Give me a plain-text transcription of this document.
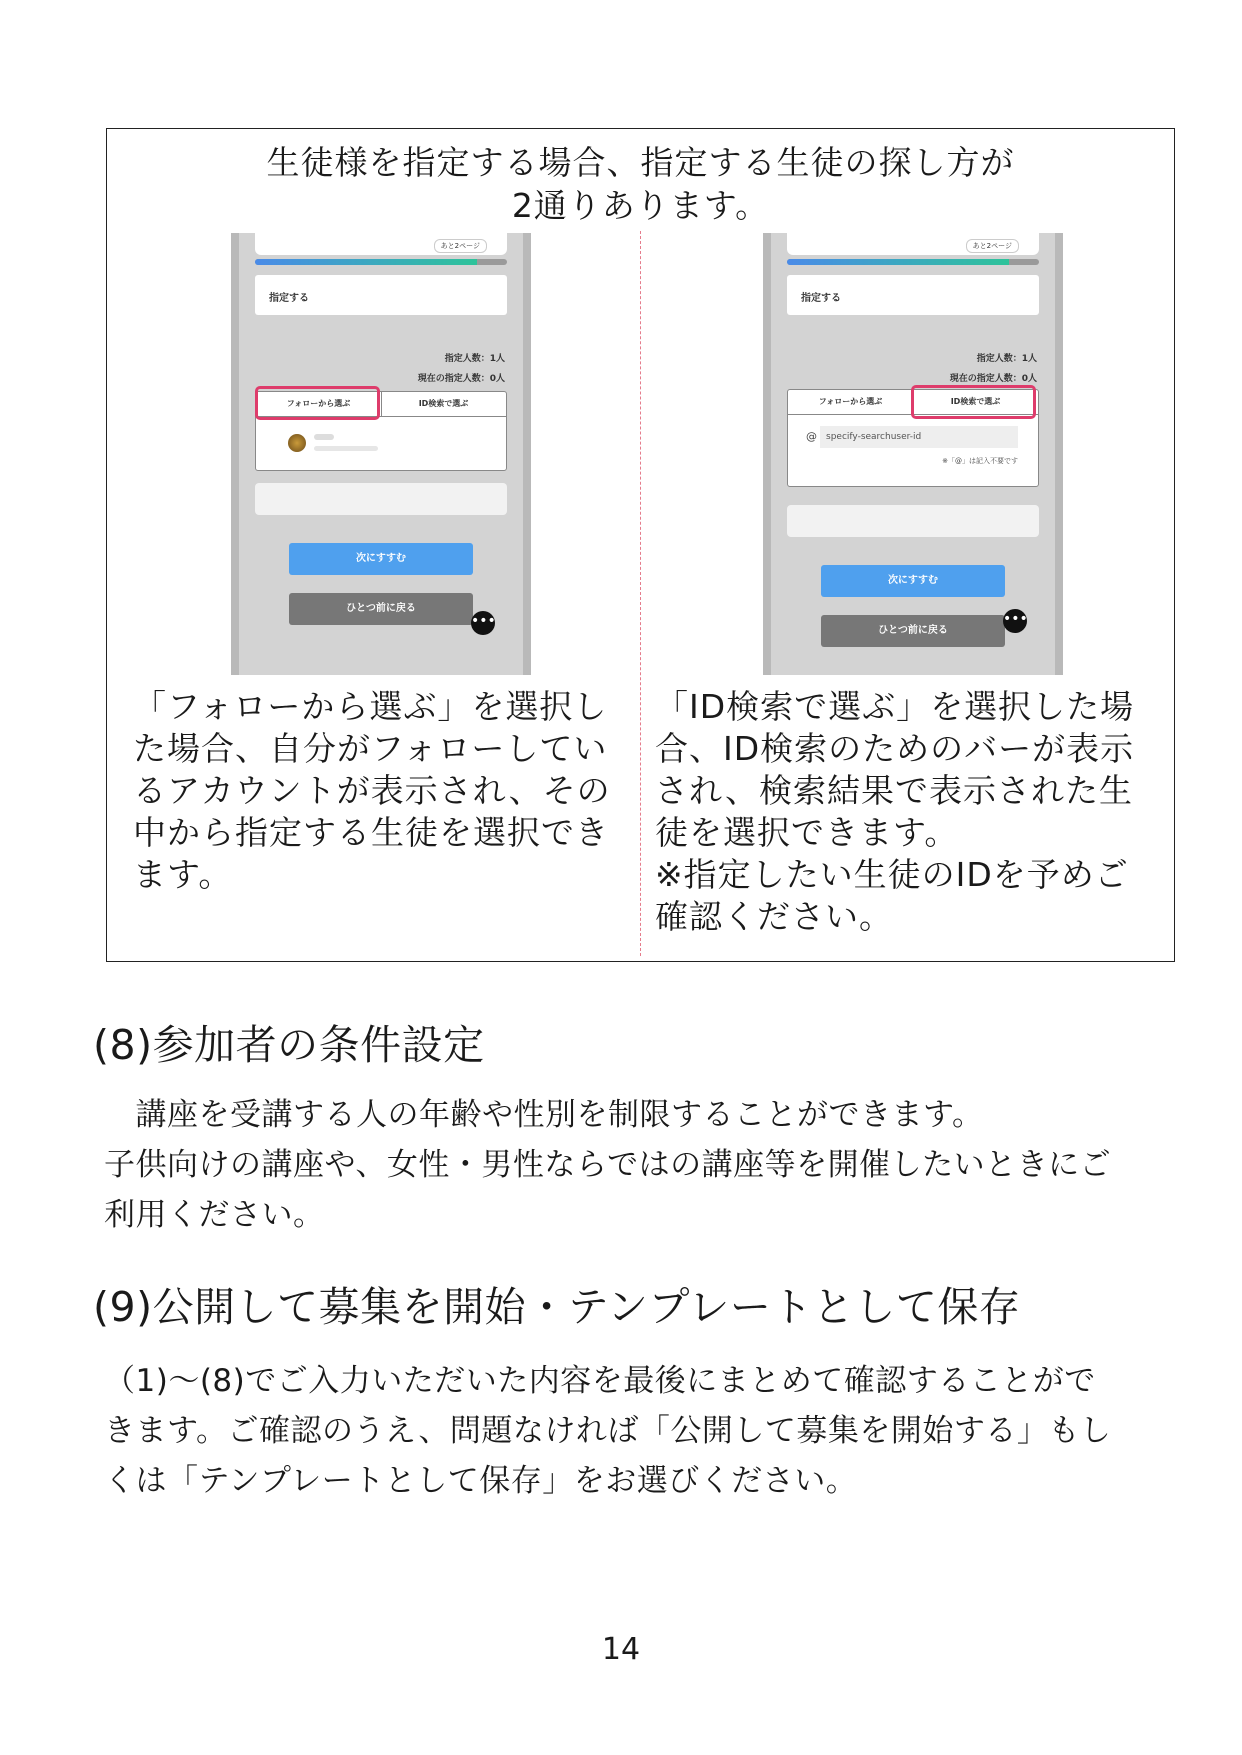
生徒様を指定する場合、指定する生徒の探し方が
2通りあります。
あと2ページ
指定する
指定人数：1人
現在の指定人数：0人
フォローから選ぶ	ID検索で選ぶ
次にすすむ
ひとつ前に戻る
•••
あと2ページ
指定する
指定人数：1人
現在の指定人数：0人
フォローから選ぶ	ID検索で選ぶ
@	specify-searchuser-id
※「@」は記入不要です
次にすすむ
ひとつ前に戻る
•••
「フォローから選ぶ」を選択し
た場合、自分がフォローしてい
るアカウントが表示され、その
中から指定する生徒を選択でき
ます。
「ID検索で選ぶ」を選択した場
合、ID検索のためのバーが表示
され、検索結果で表示された生
徒を選択できます。
※指定したい生徒のIDを予めご
確認ください。
(8)参加者の条件設定
　講座を受講する人の年齢や性別を制限することができます。
子供向けの講座や、女性・男性ならではの講座等を開催したいときにご
利用ください。
(9)公開して募集を開始・テンプレートとして保存
（1)～(8)でご入力いただいた内容を最後にまとめて確認することがで
きます。ご確認のうえ、問題なければ「公開して募集を開始する」もし
くは「テンプレートとして保存」をお選びください。
14
